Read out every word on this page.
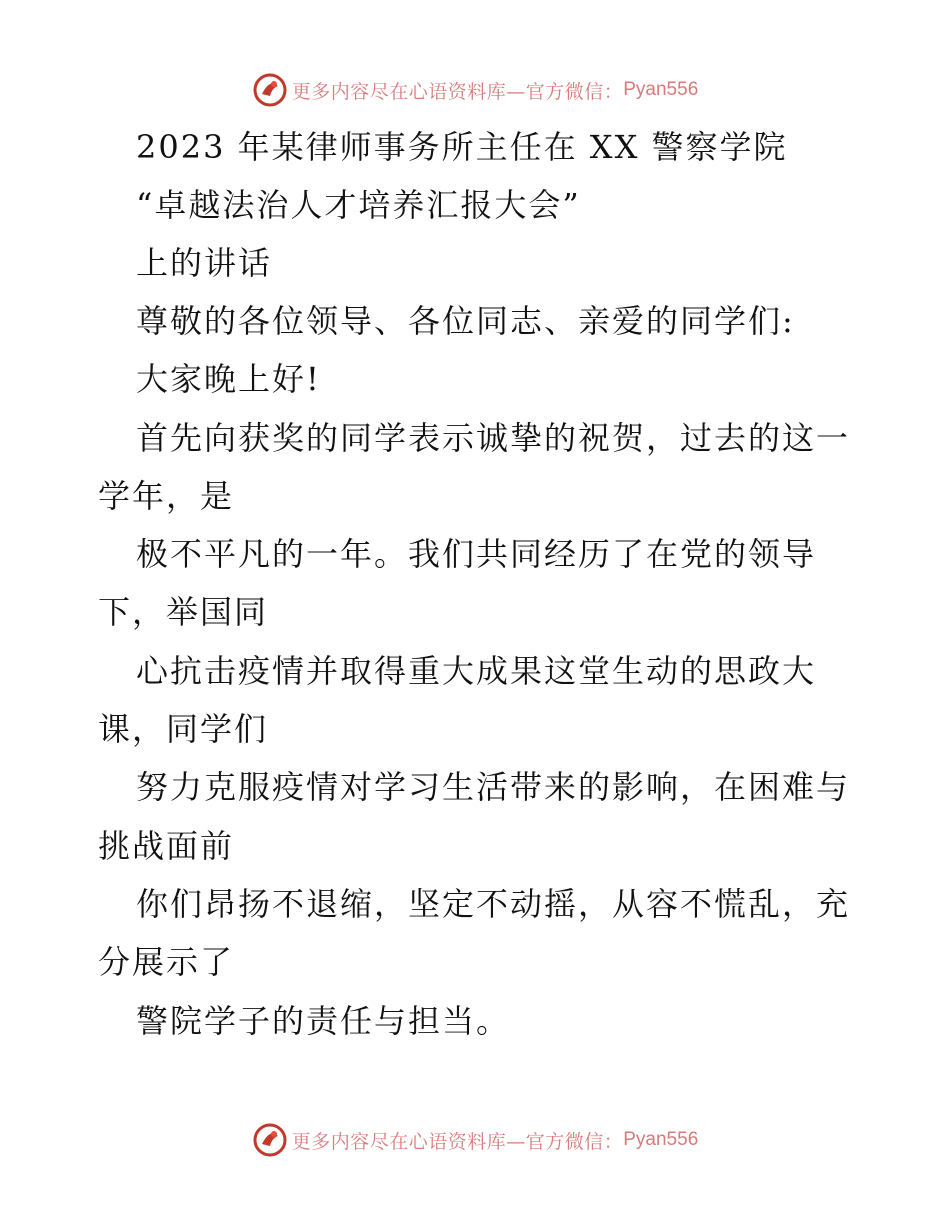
更多内容尽在心语资料库—官方微信： Pyan556
2023 年某律师事务所主任在 XX 警察学院
“卓越法治人才培养汇报大会”
上的讲话
尊敬的各位领导、各位同志、亲爱的同学们:
大家晚上好!
首先向获奖的同学表示诚挚的祝贺，过去的这一
学年，是
极不平凡的一年。我们共同经历了在党的领导
下，举国同
心抗击疫情并取得重大成果这堂生动的思政大
课，同学们
努力克服疫情对学习生活带来的影响，在困难与
挑战面前
你们昂扬不退缩，坚定不动摇，从容不慌乱，充
分展示了
警院学子的责任与担当。
更多内容尽在心语资料库—官方微信： Pyan556
